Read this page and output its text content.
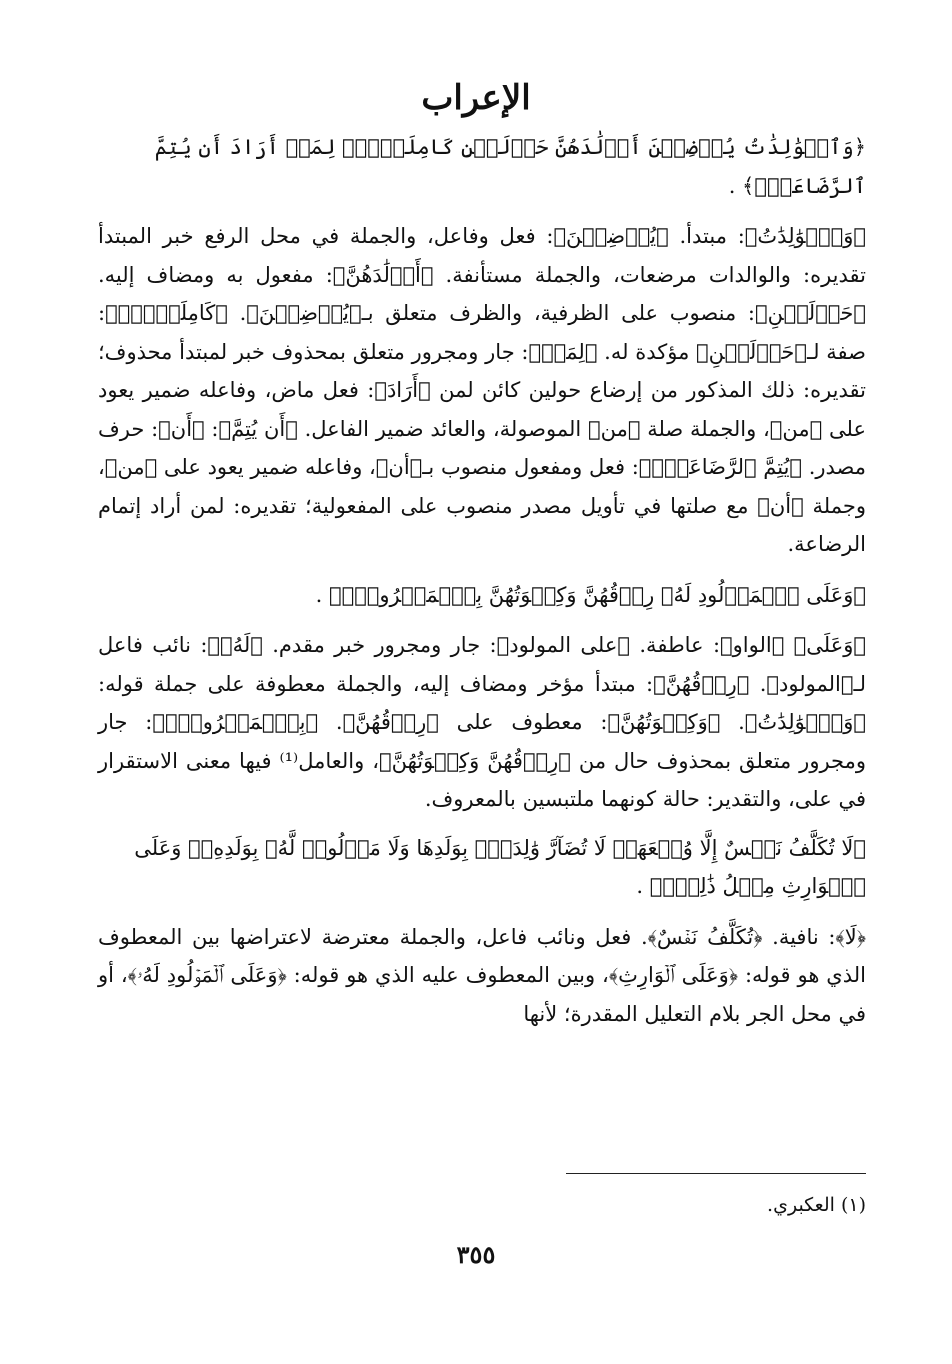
الإعراب

﴿وَٱلۡوَٰلِدَٰتُ يُرۡضِعۡنَ أَوۡلَٰدَهُنَّ حَوۡلَيۡنِ كَامِلَيۡنِۖ لِمَنۡ أَرَادَ أَن يُتِمَّ ٱلرَّضَاعَةَۚ﴾ .

﴿وَٱلۡوَٰلِدَٰتُ﴾: مبتدأ. ﴿يُرۡضِعۡنَ﴾: فعل وفاعل، والجملة في محل الرفع خبر المبتدأ تقديره: والوالدات مرضعات، والجملة مستأنفة. ﴿أَوۡلَٰدَهُنَّ﴾: مفعول به ومضاف إليه. ﴿حَوۡلَيۡنِ﴾: منصوب على الظرفية، والظرف متعلق بـ﴿يُرۡضِعۡنَ﴾. ﴿كَامِلَيۡنِۖ﴾: صفة لـ﴿حَوۡلَيۡنِ﴾ مؤكدة له. ﴿لِمَنۡ﴾: جار ومجرور متعلق بمحذوف خبر لمبتدأ محذوف؛ تقديره: ذلك المذكور من إرضاع حولين كائن لمن ﴿أَرَادَ﴾: فعل ماض، وفاعله ضمير يعود على ﴿من﴾، والجملة صلة ﴿من﴾ الموصولة، والعائد ضمير الفاعل. ﴿أَن يُتِمَّ﴾: ﴿أَن﴾: حرف مصدر. ﴿يُتِمَّ ٱلرَّضَاعَةَۚ﴾: فعل ومفعول منصوب بـ﴿أن﴾، وفاعله ضمير يعود على ﴿من﴾، وجملة ﴿أن﴾ مع صلتها في تأويل مصدر منصوب على المفعولية؛ تقديره: لمن أراد إتمام الرضاعة.

﴿وَعَلَى ٱلۡمَوۡلُودِ لَهُۥ رِزۡقُهُنَّ وَكِسۡوَتُهُنَّ بِٱلۡمَعۡرُوفِۚ﴾ .

﴿وَعَلَى﴾ ﴿الواو﴾: عاطفة. ﴿على المولود﴾: جار ومجرور خبر مقدم. ﴿لَهُۥ﴾: نائب فاعل لـ﴿المولود﴾. ﴿رِزۡقُهُنَّ﴾: مبتدأ مؤخر ومضاف إليه، والجملة معطوفة على جملة قوله: ﴿وَٱلۡوَٰلِدَٰتُ﴾. ﴿وَكِسۡوَتُهُنَّ﴾: معطوف على ﴿رِزۡقُهُنَّ﴾. ﴿بِٱلۡمَعۡرُوفِۚ﴾: جار ومجرور متعلق بمحذوف حال من ﴿رِزۡقُهُنَّ وَكِسۡوَتُهُنَّ﴾، والعامل⁽¹⁾ فيها معنى الاستقرار في على، والتقدير: حالة كونهما ملتبسين بالمعروف.

﴿لَا تُكَلَّفُ نَفۡسٌ إِلَّا وُسۡعَهَاۚ لَا تُضَآرَّ وَٰلِدَةُۢ بِوَلَدِهَا وَلَا مَوۡلُودٞ لَّهُۥ بِوَلَدِهِۦۚ وَعَلَى ٱلۡوَارِثِ مِثۡلُ ذَٰلِكَۗ﴾ .

﴿لَا﴾: نافية. ﴿تُكَلَّفُ نَفۡسٌ﴾. فعل ونائب فاعل، والجملة معترضة لاعتراضها بين المعطوف الذي هو قوله: ﴿وَعَلَى ٱلۡوَارِثِ﴾، وبين المعطوف عليه الذي هو قوله: ﴿وَعَلَى ٱلۡمَوۡلُودِ لَهُۥ﴾، أو في محل الجر بلام التعليل المقدرة؛ لأنها

(١) العكبري.
٣٥٥
